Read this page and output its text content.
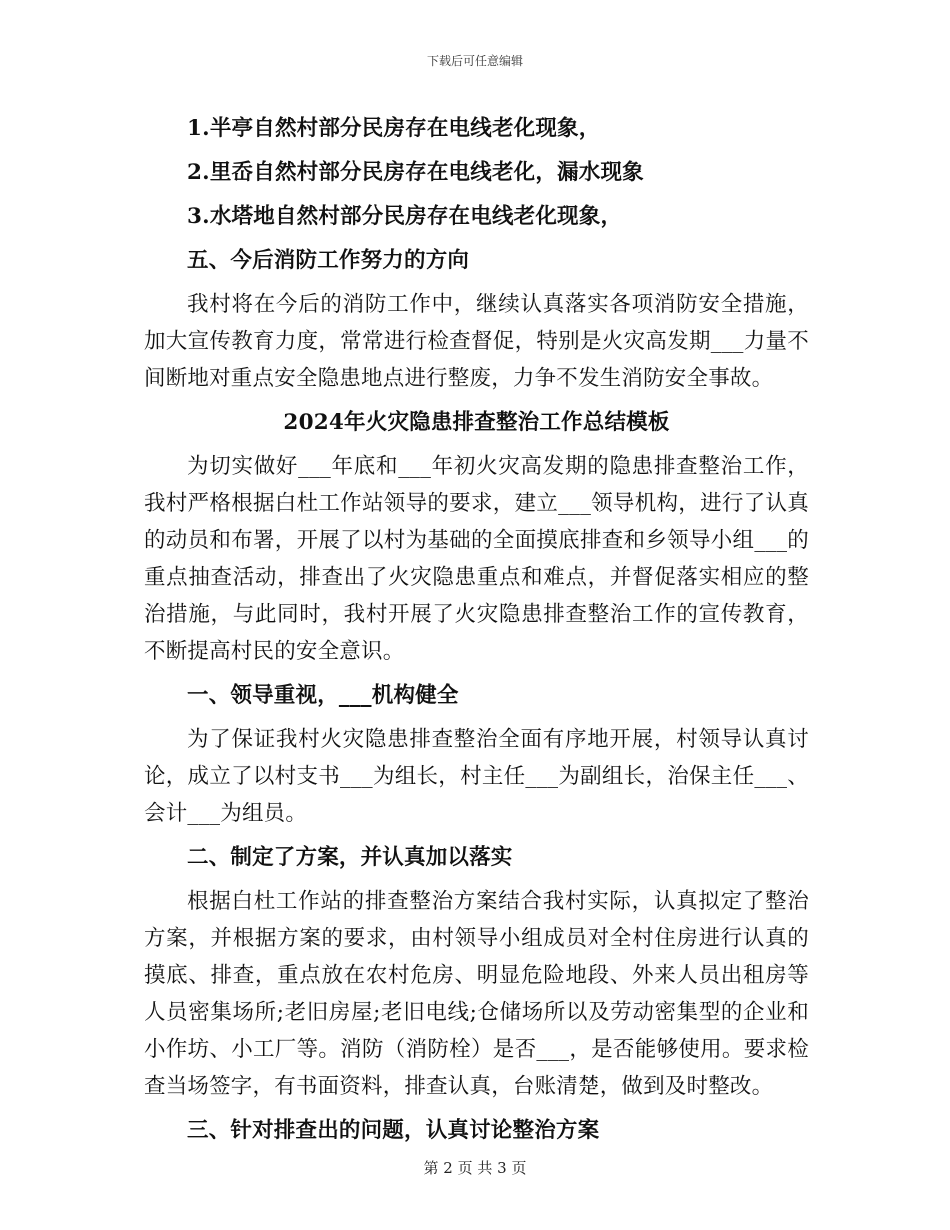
下载后可任意编辑

1.半亭自然村部分民房存在电线老化现象，

2.里岙自然村部分民房存在电线老化，漏水现象

3.水塔地自然村部分民房存在电线老化现象，

五、今后消防工作努力的方向

我村将在今后的消防工作中，继续认真落实各项消防安全措施，加大宣传教育力度，常常进行检查督促，特别是火灾高发期___力量不间断地对重点安全隐患地点进行整废，力争不发生消防安全事故。

2024年火灾隐患排查整治工作总结模板

为切实做好___年底和___年初火灾高发期的隐患排查整治工作，我村严格根据白杜工作站领导的要求，建立___领导机构，进行了认真的动员和布署，开展了以村为基础的全面摸底排查和乡领导小组___的重点抽查活动，排查出了火灾隐患重点和难点，并督促落实相应的整治措施，与此同时，我村开展了火灾隐患排查整治工作的宣传教育，不断提高村民的安全意识。

一、领导重视，___机构健全

为了保证我村火灾隐患排查整治全面有序地开展，村领导认真讨论，成立了以村支书___为组长，村主任___为副组长，治保主任___、会计___为组员。

二、制定了方案，并认真加以落实

根据白杜工作站的排查整治方案结合我村实际，认真拟定了整治方案，并根据方案的要求，由村领导小组成员对全村住房进行认真的摸底、排查，重点放在农村危房、明显危险地段、外来人员出租房等人员密集场所;老旧房屋;老旧电线;仓储场所以及劳动密集型的企业和小作坊、小工厂等。消防（消防栓）是否___，是否能够使用。要求检查当场签字，有书面资料，排查认真，台账清楚，做到及时整改。

三、针对排查出的问题，认真讨论整治方案

第 2 页 共 3 页
